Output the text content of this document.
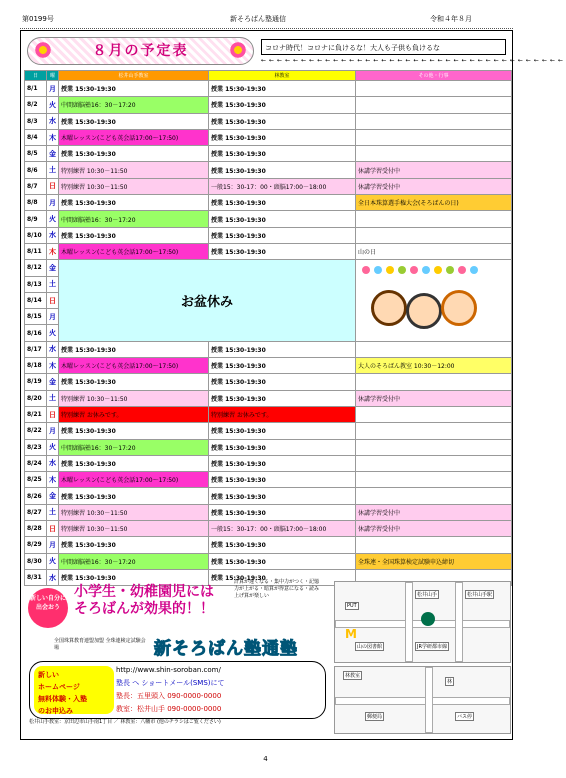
第0199号	新そろばん塾通信	令和４年８月
８月の予定表	コロナ時代！コロナに負けるな！大人も子供も負けるな
←←←←←←←←←←←←←←←←←←←←←←←←←←←←←←←←←←←←←←
日	曜	松井山手教室	林教室	その他・行事
8/1	月	授業 15:30-19:30	授業 15:30-19:30	
8/2	火	中間頭脳塾16：30－17:20	授業 15:30-19:30	
8/3	水	授業 15:30-19:30	授業 15:30-19:30	
8/4	木	木曜レッスン(こども英会話17:00～17:50)	授業 15:30-19:30	
8/5	金	授業 15:30-19:30	授業 15:30-19:30	
8/6	土	特別練習 10:30－11:50	授業 15:30-19:30	休講学習受付中
8/7	日	特別練習 10:30－11:50	一般15：30-17：00・頭脳17:00－18:00	休講学習受付中
8/8	月	授業 15:30-19:30	授業 15:30-19:30	全日本珠算選手権大会(そろばんの日)
8/9	火	中間頭脳塾16：30－17:20	授業 15:30-19:30	
8/10	水	授業 15:30-19:30	授業 15:30-19:30	
8/11	木	木曜レッスン(こども英会話17:00～17:50)	授業 15:30-19:30	山の日
8/12	金	お盆休み		

8/13	土			
8/14	日			
8/15	月			
8/16	火			
8/17	水	授業 15:30-19:30	授業 15:30-19:30	
8/18	木	木曜レッスン(こども英会話17:00～17:50)	授業 15:30-19:30	大人のそろばん教室 10:30－12:00
8/19	金	授業 15:30-19:30	授業 15:30-19:30	
8/20	土	特別練習 10:30－11:50	授業 15:30-19:30	休講学習受付中
8/21	日	特別練習 お休みです。	特別練習 お休みです。	
8/22	月	授業 15:30-19:30	授業 15:30-19:30	
8/23	火	中間頭脳塾16：30－17:20	授業 15:30-19:30	
8/24	水	授業 15:30-19:30	授業 15:30-19:30	
8/25	木	木曜レッスン(こども英会話17:00～17:50)	授業 15:30-19:30	
8/26	金	授業 15:30-19:30	授業 15:30-19:30	
8/27	土	特別練習 10:30－11:50	授業 15:30-19:30	休講学習受付中
8/28	日	特別練習 10:30－11:50	一般15：30-17：00・頭脳17:00－18:00	休講学習受付中
8/29	月	授業 15:30-19:30	授業 15:30-19:30	
8/30	火	中間頭脳塾16：30－17:20	授業 15:30-19:30	全珠連・全国珠算検定試験申込締切
8/31	水	授業 15:30-19:30	授業 15:30-19:30	
新しい自分に出会おう
小学生・幼稚園児には そろばんが効果的！！
計算が速くなる・集中力がつく・記憶力が上がる・暗算が得意になる・読み上げ算が楽しい
全国珠算教育連盟加盟 全珠連検定試験会場	新そろばん塾通塾
新しい
ホームページ
無料体験・入塾
のお申込み
http://www.shin-soroban.com/
塾長 へ ショートメール(SMS)にて
塾長：五里頭入 090-0000-0000
教室：松井山手 090-0000-0000
松井山手教室：京田辺市山手南1丁目 ／ 林教室：八幡市 (他のチラシはご覧ください)
松井山手	松井山手駅
JR学研都市線
PUT
山の図書館
M
林教室
林
郵便局	バス停
4
